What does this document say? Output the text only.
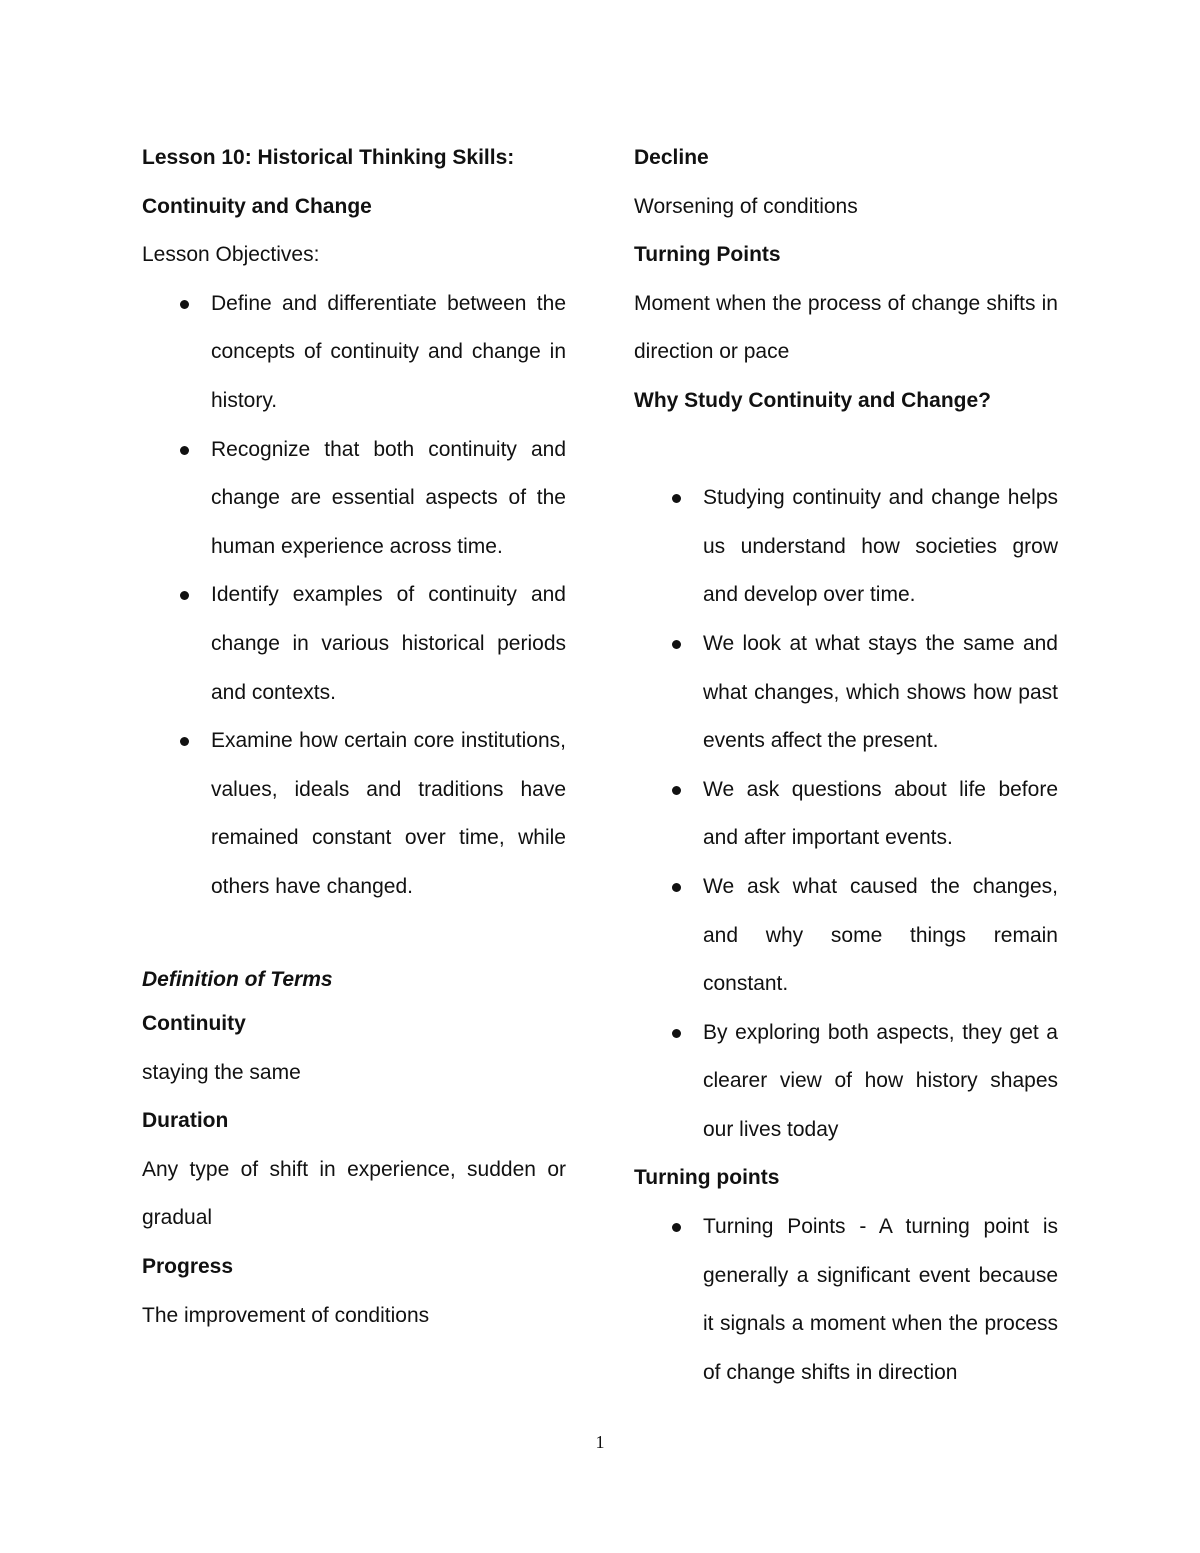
Lesson 10: Historical Thinking Skills:

Continuity and Change

Lesson Objectives:

Define and differentiate between the concepts of continuity and change in history.
Recognize that both continuity and change are essential aspects of the human experience across time.
Identify examples of continuity and change in various historical periods and contexts.
Examine how certain core institutions, values, ideals and traditions have remained constant over time, while others have changed.

Definition of Terms

Continuity

staying the same

Duration

Any type of shift in experience, sudden or gradual

Progress

The improvement of conditions

Decline

Worsening of conditions

Turning Points

Moment when the process of change shifts in direction or pace

Why Study Continuity and Change?

Studying continuity and change helps us understand how societies grow and develop over time.
We look at what stays the same and what changes, which shows how past events affect the present.
We ask questions about life before and after important events.
We ask what caused the changes, and why some things remain constant.
By exploring both aspects, they get a clearer view of how history shapes our lives today

Turning points

Turning Points - A turning point is generally a significant event because it signals a moment when the process of change shifts in direction
1
